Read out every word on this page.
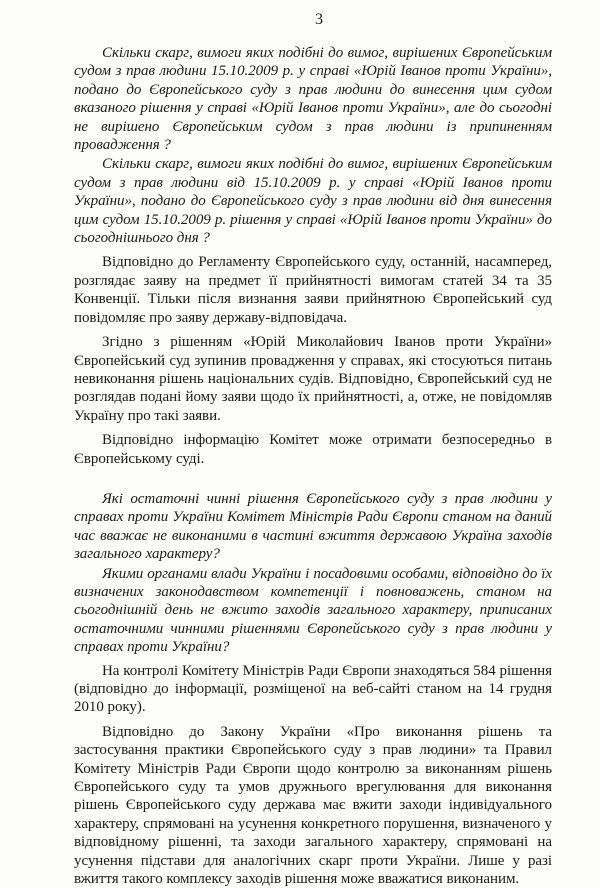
3

Скільки скарг, вимоги яких подібні до вимог, вирішених Європейським судом з прав людини 15.10.2009 р. у справі «Юрій Іванов проти України», подано до Європейського суду з прав людини до винесення цим судом вказаного рішення у справі «Юрій Іванов проти України», але до сьогодні не вирішено Європейським судом з прав людини із припиненням провадження ?

Скільки скарг, вимоги яких подібні до вимог, вирішених Європейським судом з прав людини від 15.10.2009 р. у справі «Юрій Іванов проти України», подано до Європейського суду з прав людини від дня винесення цим судом 15.10.2009 р. рішення у справі «Юрій Іванов проти України» до сьогоднішнього дня ?

Відповідно до Регламенту Європейського суду, останній, насамперед, розглядає заяву на предмет її прийнятності вимогам статей 34 та 35 Конвенції. Тільки після визнання заяви прийнятною Європейський суд повідомляє про заяву державу-відповідача.

Згідно з рішенням «Юрій Миколайович Іванов проти України» Європейський суд зупинив провадження у справах, які стосуються питань невиконання рішень національних судів. Відповідно, Європейський суд не розглядав подані йому заяви щодо їх прийнятності, а, отже, не повідомляв Україну про такі заяви.

Відповідно інформацію Комітет може отримати безпосередньо в Європейському суді.

Які остаточні чинні рішення Європейського суду з прав людини у справах проти України Комітет Міністрів Ради Європи станом на даний час вважає не виконаними в частині вжиття державою Україна заходів загального характеру?

Якими органами влади України і посадовими особами, відповідно до їх визначених законодавством компетенції і повноважень, станом на сьогоднішній день не вжито заходів загального характеру, приписаних остаточними чинними рішеннями Європейського суду з прав людини у справах проти України?

На контролі Комітету Міністрів Ради Європи знаходяться 584 рішення (відповідно до інформації, розміщеної на веб-сайті станом на 14 грудня 2010 року).

Відповідно до Закону України «Про виконання рішень та застосування практики Європейського суду з прав людини» та Правил Комітету Міністрів Ради Європи щодо контролю за виконанням рішень Європейського суду та умов дружнього врегулювання для виконання рішень Європейського суду держава має вжити заходи індивідуального характеру, спрямовані на усунення конкретного порушення, визначеного у відповідному рішенні, та заходи загального характеру, спрямовані на усунення підстави для аналогічних скарг проти України. Лише у разі вжиття такого комплексу заходів рішення може вважатися виконаним.
